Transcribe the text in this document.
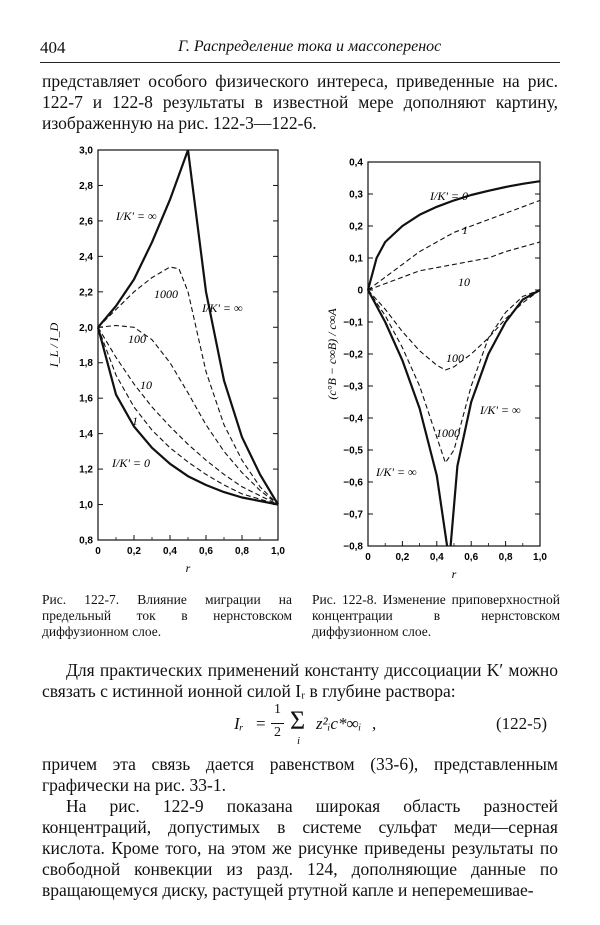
404	Г. Распределение тока и массоперенос

представляет особого физического интереса, приведенные на рис. 122-7 и 122-8 результаты в известной мере дополняют картину, изображенную на рис. 122-3—122-6.

0	0,2 0,4 0,6 0,8 1,0
0,8
1,0
1,2
1,4
1,6
1,8
2,0
2,2
2,4
2,6
2,8
3,0
r
I_L / I_D
I/K' = ∞
1000
I/K' = ∞
100
10
1
I/K' = 0
0 0,2 0,4 0,6 0,8 1,0
−0,8
−0,7
−0,6
−0,5
−0,4
−0,3
−0,2
−0,1
0
0,1
0,2
0,3
0,4
r
(c°B − c∞B) / c∞A
I/K' = 0
1
10
100
1000
I/K' = ∞
I/K' = ∞

Рис. 122-7. Влияние миграции на предельный ток в нернстовском диффузионном слое.

Рис. 122-8. Изменение приповерхностной концентрации в нернстовском диффузионном слое.

Для практических применений константу диссоциации K′ можно связать с истинной ионной силой Iᵣ в глубине раствора:

Iᵣ =
1
2 Σ
i
z²ᵢc*∞ᵢ ,	(122-5)

причем эта связь дается равенством (33-6), представленным графически на рис. 33-1.

На рис. 122-9 показана широкая область разностей концентраций, допустимых в системе сульфат меди—серная кислота. Кроме того, на этом же рисунке приведены результаты по свободной конвекции из разд. 124, дополняющие данные по вращающемуся диску, растущей ртутной капле и неперемешивае-
